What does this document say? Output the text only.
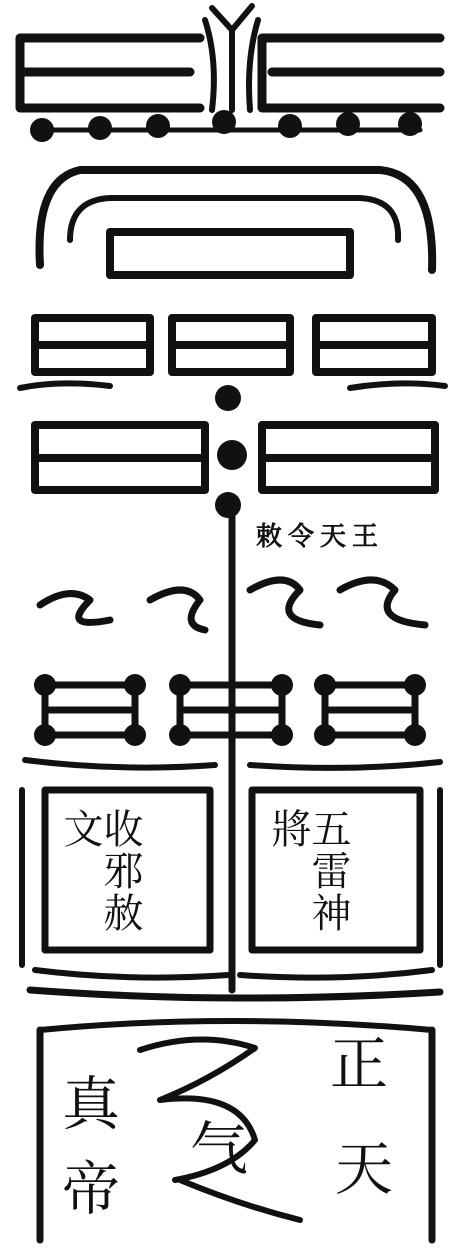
敕令天王
收邪赦文	五雷神將
正
天
气
真
帝
